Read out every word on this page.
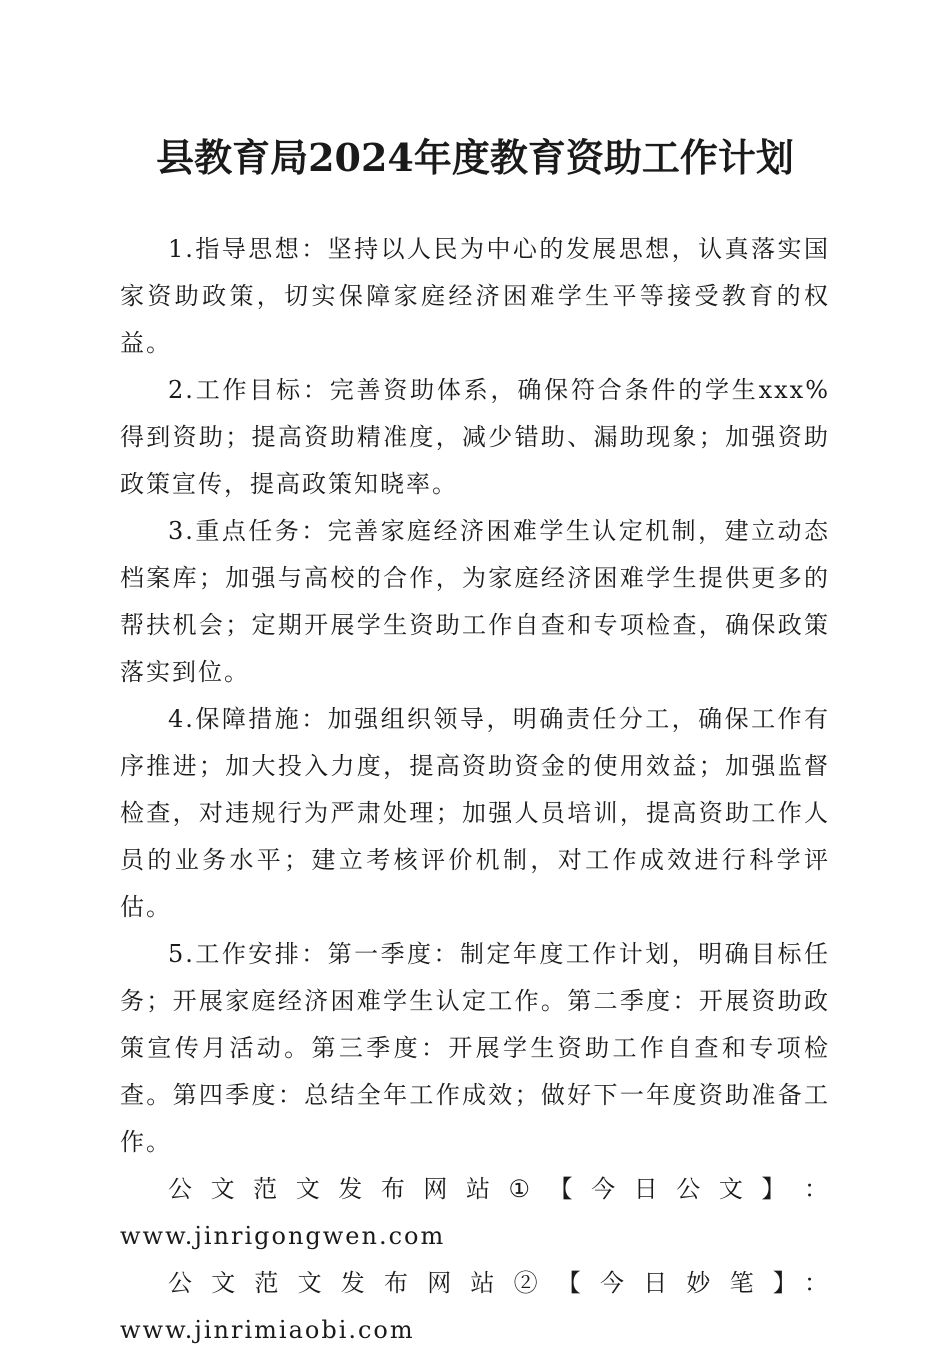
县教育局2024年度教育资助工作计划

1.指导思想：坚持以人民为中心的发展思想，认真落实国家资助政策，切实保障家庭经济困难学生平等接受教育的权益。

2.工作目标：完善资助体系，确保符合条件的学生xxx%得到资助；提高资助精准度，减少错助、漏助现象；加强资助政策宣传，提高政策知晓率。

3.重点任务：完善家庭经济困难学生认定机制，建立动态档案库；加强与高校的合作，为家庭经济困难学生提供更多的帮扶机会；定期开展学生资助工作自查和专项检查，确保政策落实到位。

4.保障措施：加强组织领导，明确责任分工，确保工作有序推进；加大投入力度，提高资助资金的使用效益；加强监督检查，对违规行为严肃处理；加强人员培训，提高资助工作人员的业务水平；建立考核评价机制，对工作成效进行科学评估。

5.工作安排：第一季度：制定年度工作计划，明确目标任务；开展家庭经济困难学生认定工作。第二季度：开展资助政策宣传月活动。第三季度：开展学生资助工作自查和专项检查。第四季度：总结全年工作成效；做好下一年度资助准备工作。

公 文 范 文 发 布 网 站 ① 【 今 日 公 文 】 ：

www.jinrigongwen.com

公文范文发布网站②【今日妙笔】：www.jinrimiaobi.com
